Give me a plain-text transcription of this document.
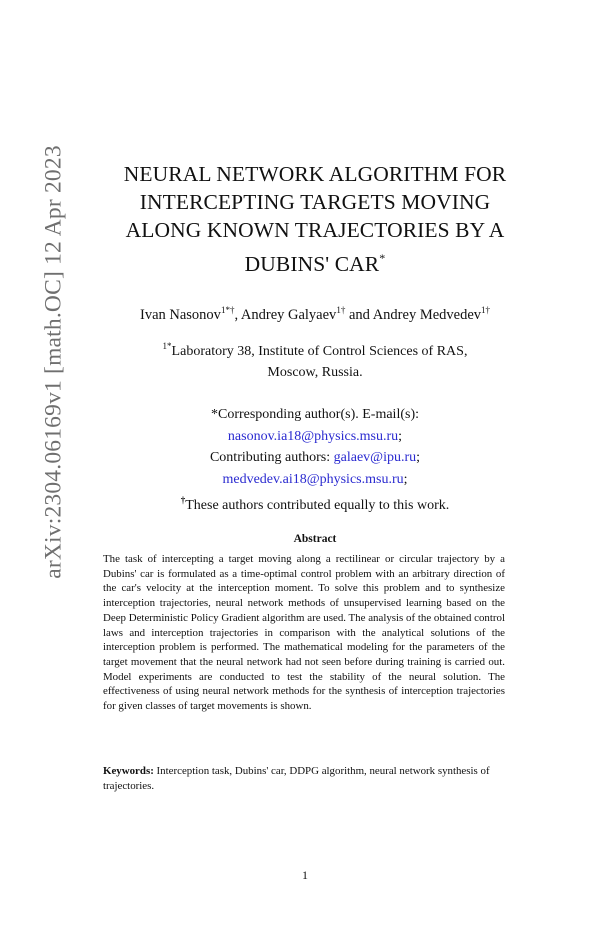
arXiv:2304.06169v1 [math.OC] 12 Apr 2023	NEURAL NETWORK ALGORITHM FOR
INTERCEPTING TARGETS MOVING
ALONG KNOWN TRAJECTORIES BY A
DUBINS' CAR*
Ivan Nasonov$^{1*\dagger}$, Andrey Galyaev$^{1\dagger}$ and Andrey Medvedev$^{1\dagger}$
$^{1*}$Laboratory 38, Institute of Control Sciences of RAS,
Moscow, Russia.
*Corresponding author(s). E-mail(s):
nasonov.ia18@physics.msu.ru;
Contributing authors: galaev@ipu.ru;
medvedev.ai18@physics.msu.ru;
†These authors contributed equally to this work.
Abstract

The task of intercepting a target moving along a rectilinear or circular trajectory by a Dubins' car is formulated as a time-optimal control problem with an arbitrary direction of the car's velocity at the interception moment. To solve this problem and to synthesize interception trajectories, neural network methods of unsupervised learning based on the Deep Deterministic Policy Gradient algorithm are used. The analysis of the obtained control laws and interception trajectories in comparison with the analytical solutions of the interception problem is performed. The mathematical modeling for the parameters of the target movement that the neural network had not seen before during training is carried out. Model experiments are conducted to test the stability of the neural solution. The effectiveness of using neural network methods for the synthesis of interception trajectories for given classes of target movements is shown.

Keywords: Interception task, Dubins' car, DDPG algorithm, neural network synthesis of trajectories.

1
